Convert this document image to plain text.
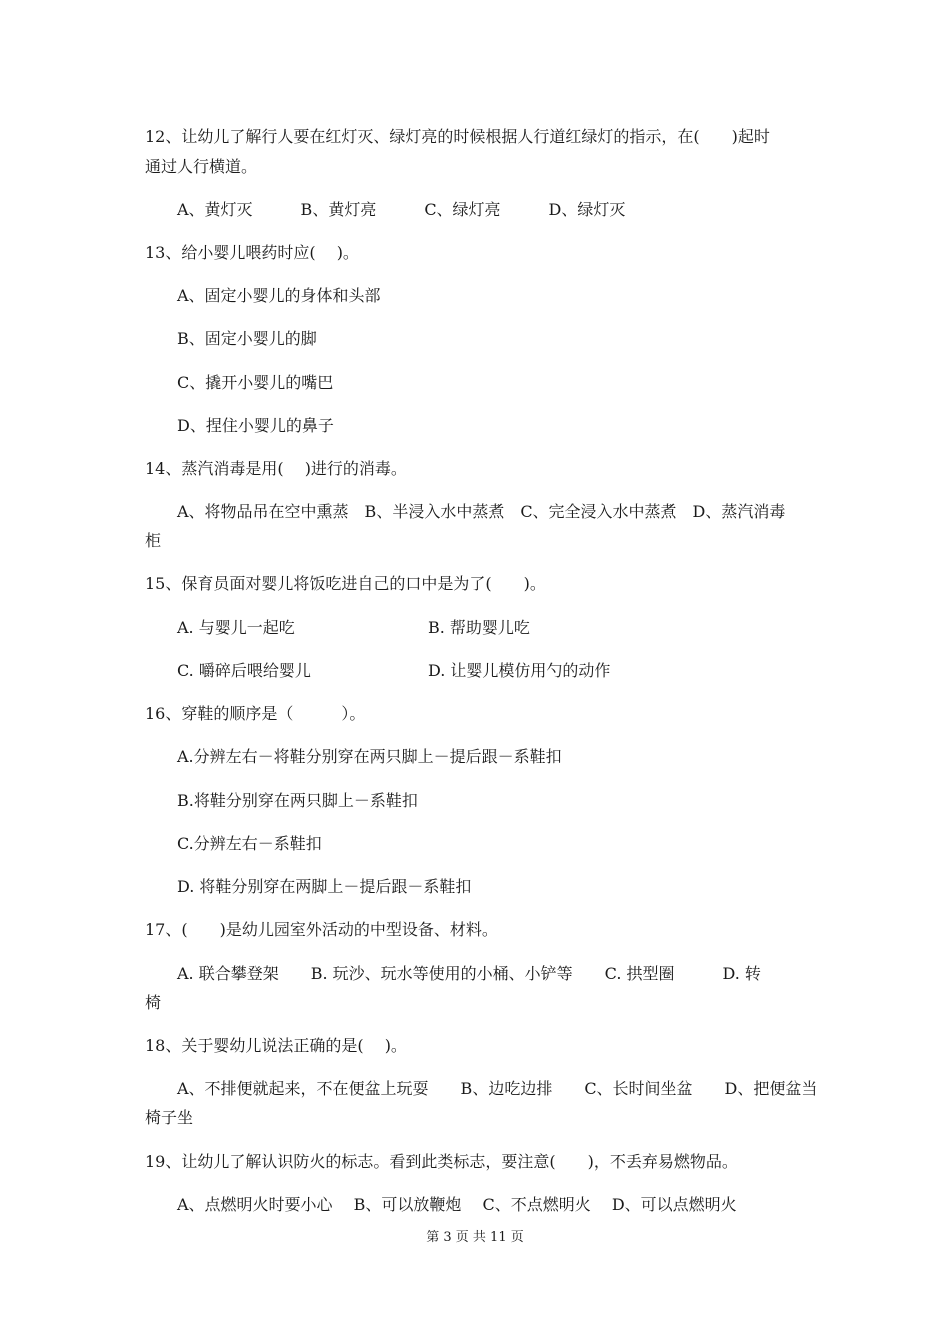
12、让幼儿了解行人要在红灯灭、绿灯亮的时候根据人行道红绿灯的指示，在(　　)起时
通过人行横道。
A、黄灯灭　　　B、黄灯亮　　　C、绿灯亮　　　D、绿灯灭
13、给小婴儿喂药时应(　 )。
A、固定小婴儿的身体和头部
B、固定小婴儿的脚
C、撬开小婴儿的嘴巴
D、捏住小婴儿的鼻子
14、蒸汽消毒是用(　 )进行的消毒。
A、将物品吊在空中熏蒸　B、半浸入水中蒸煮　C、完全浸入水中蒸煮　D、蒸汽消毒
柜
15、保育员面对婴儿将饭吃进自己的口中是为了(　　)。
A. 与婴儿一起吃	B. 帮助婴儿吃
C. 嚼碎后喂给婴儿	D. 让婴儿模仿用勺的动作
16、穿鞋的顺序是（　　　）。
A.分辨左右－将鞋分别穿在两只脚上－提后跟－系鞋扣
B.将鞋分别穿在两只脚上－系鞋扣
C.分辨左右－系鞋扣
D. 将鞋分别穿在两脚上－提后跟－系鞋扣
17、(　　)是幼儿园室外活动的中型设备、材料。
A. 联合攀登架　　B. 玩沙、玩水等使用的小桶、小铲等　　C. 拱型圈　　　D. 转
椅
18、关于婴幼儿说法正确的是(　 )。
A、不排便就起来，不在便盆上玩耍　　B、边吃边排　　C、长时间坐盆　　D、把便盆当
椅子坐
19、让幼儿了解认识防火的标志。看到此类标志，要注意(　　)，不丢弃易燃物品。
A、点燃明火时要小心　 B、可以放鞭炮　 C、不点燃明火　 D、可以点燃明火
第 3 页 共 11 页
